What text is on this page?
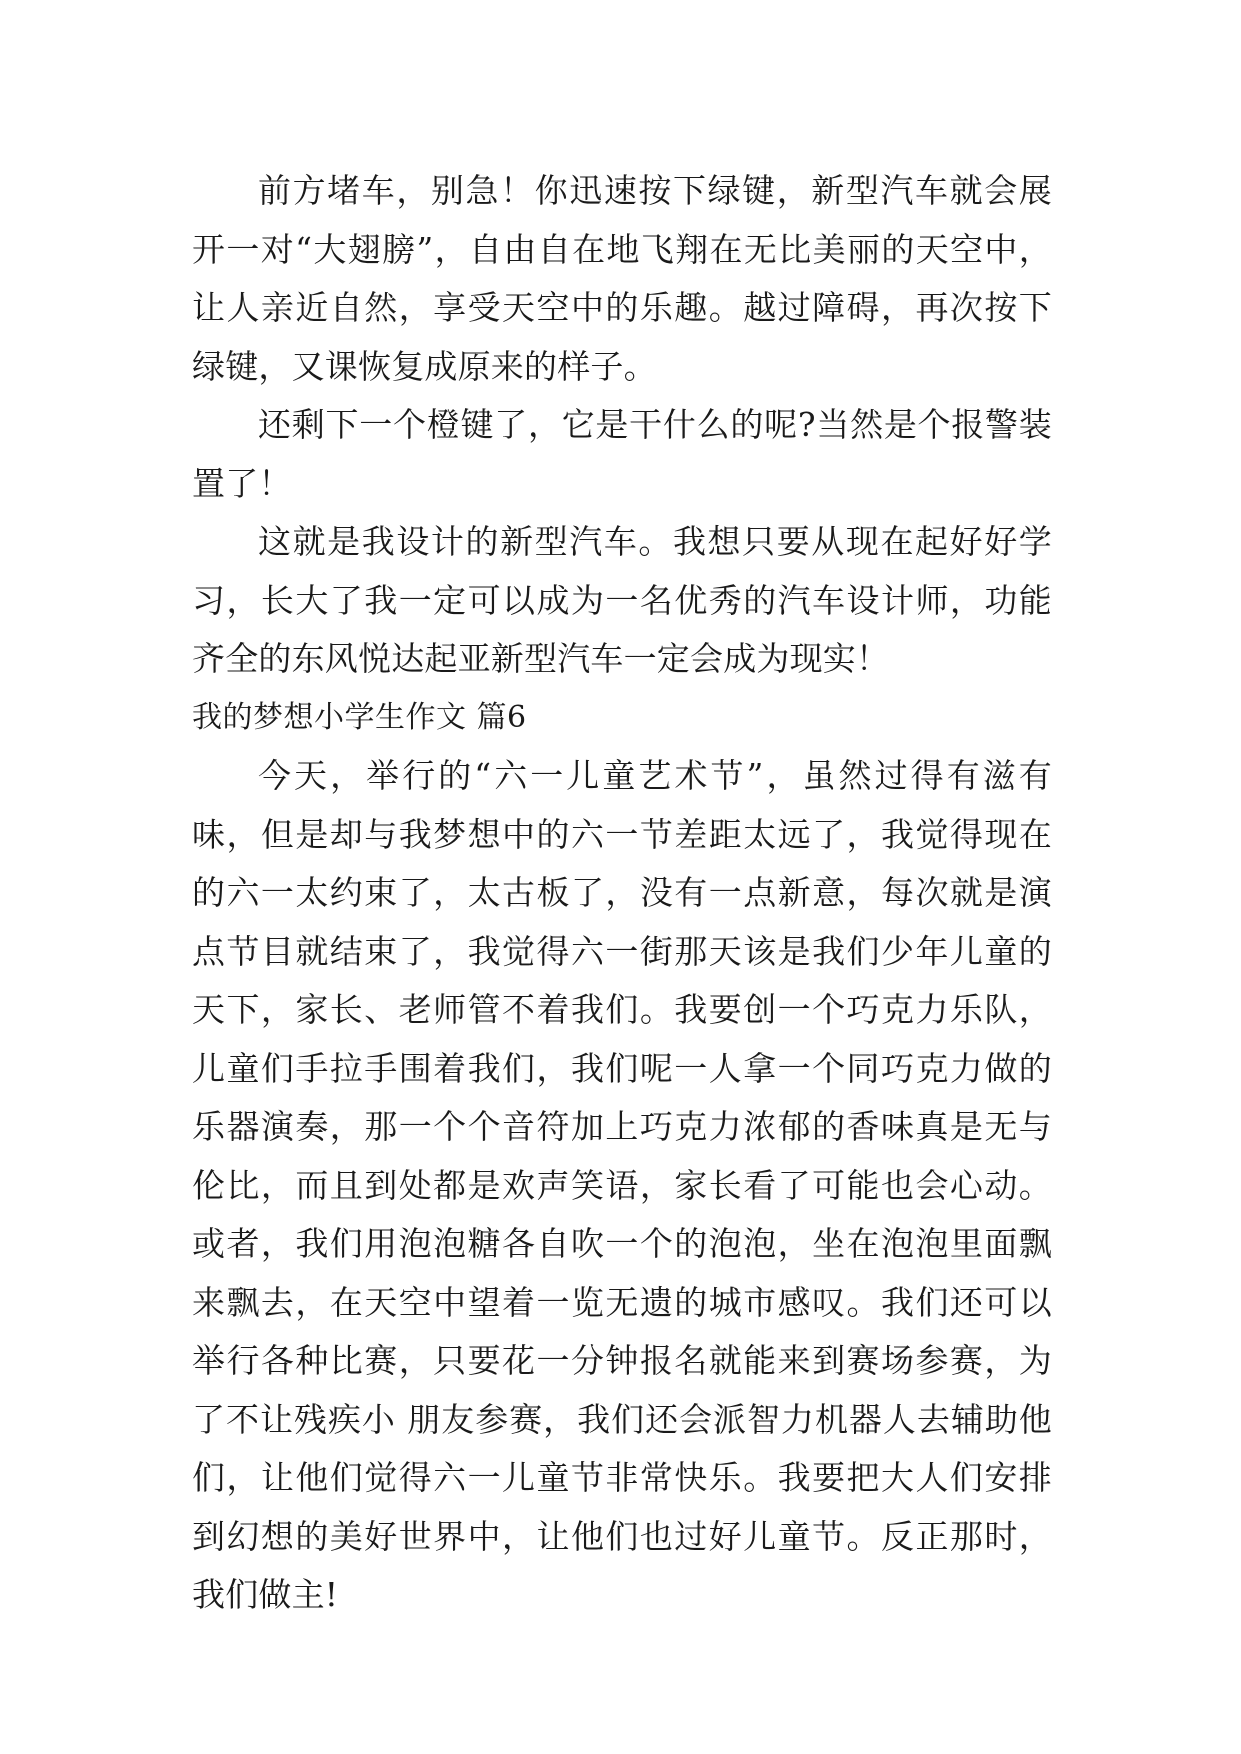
前方堵车，别急！你迅速按下绿键，新型汽车就会展开一对“大翅膀”，自由自在地飞翔在无比美丽的天空中，让人亲近自然，享受天空中的乐趣。越过障碍，再次按下绿键，又课恢复成原来的样子。

还剩下一个橙键了，它是干什么的呢?当然是个报警装置了！

这就是我设计的新型汽车。我想只要从现在起好好学习，长大了我一定可以成为一名优秀的汽车设计师，功能齐全的东风悦达起亚新型汽车一定会成为现实！

我的梦想小学生作文 篇6

今天，举行的“六一儿童艺术节”，虽然过得有滋有味，但是却与我梦想中的六一节差距太远了，我觉得现在的六一太约束了，太古板了，没有一点新意，每次就是演点节目就结束了，我觉得六一街那天该是我们少年儿童的天下，家长、老师管不着我们。我要创一个巧克力乐队，儿童们手拉手围着我们，我们呢一人拿一个同巧克力做的乐器演奏，那一个个音符加上巧克力浓郁的香味真是无与伦比，而且到处都是欢声笑语，家长看了可能也会心动。或者，我们用泡泡糖各自吹一个的泡泡，坐在泡泡里面飘来飘去，在天空中望着一览无遗的城市感叹。我们还可以举行各种比赛，只要花一分钟报名就能来到赛场参赛，为了不让残疾小 朋友参赛，我们还会派智力机器人去辅助他们，让他们觉得六一儿童节非常快乐。我要把大人们安排到幻想的美好世界中，让他们也过好儿童节。反正那时，我们做主!
